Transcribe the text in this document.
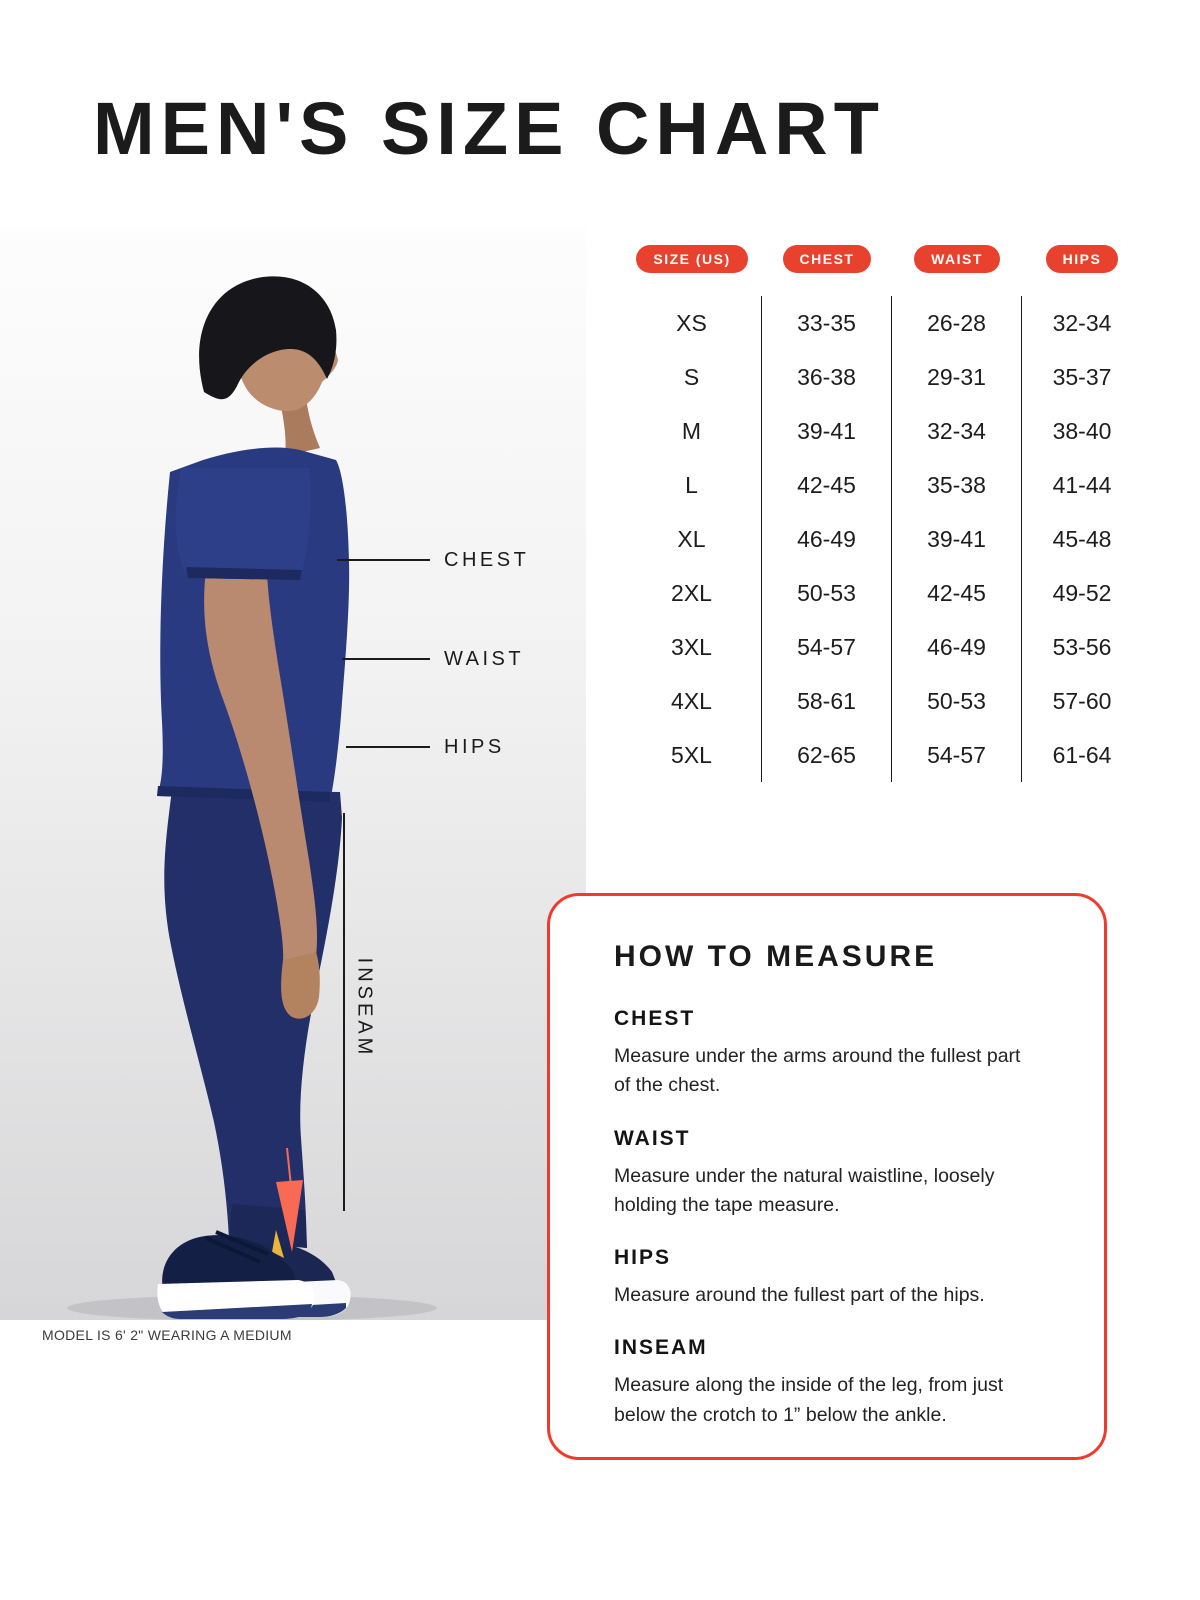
MEN'S SIZE CHART
MODEL IS 6' 2" WEARING A MEDIUM
CHEST
WAIST
HIPS
INSEAM
SIZE (US)	CHEST	WAIST	HIPS
XS	33-35	26-28	32-34
S	36-38	29-31	35-37
M	39-41	32-34	38-40
L	42-45	35-38	41-44
XL	46-49	39-41	45-48
2XL	50-53	42-45	49-52
3XL	54-57	46-49	53-56
4XL	58-61	50-53	57-60
5XL	62-65	54-57	61-64
HOW TO MEASURE
CHEST

Measure under the arms around the fullest part of the chest.

WAIST

Measure under the natural waistline, loosely holding the tape measure.

HIPS

Measure around the fullest part of the hips.

INSEAM

Measure along the inside of the leg, from just below the crotch to 1” below the ankle.
